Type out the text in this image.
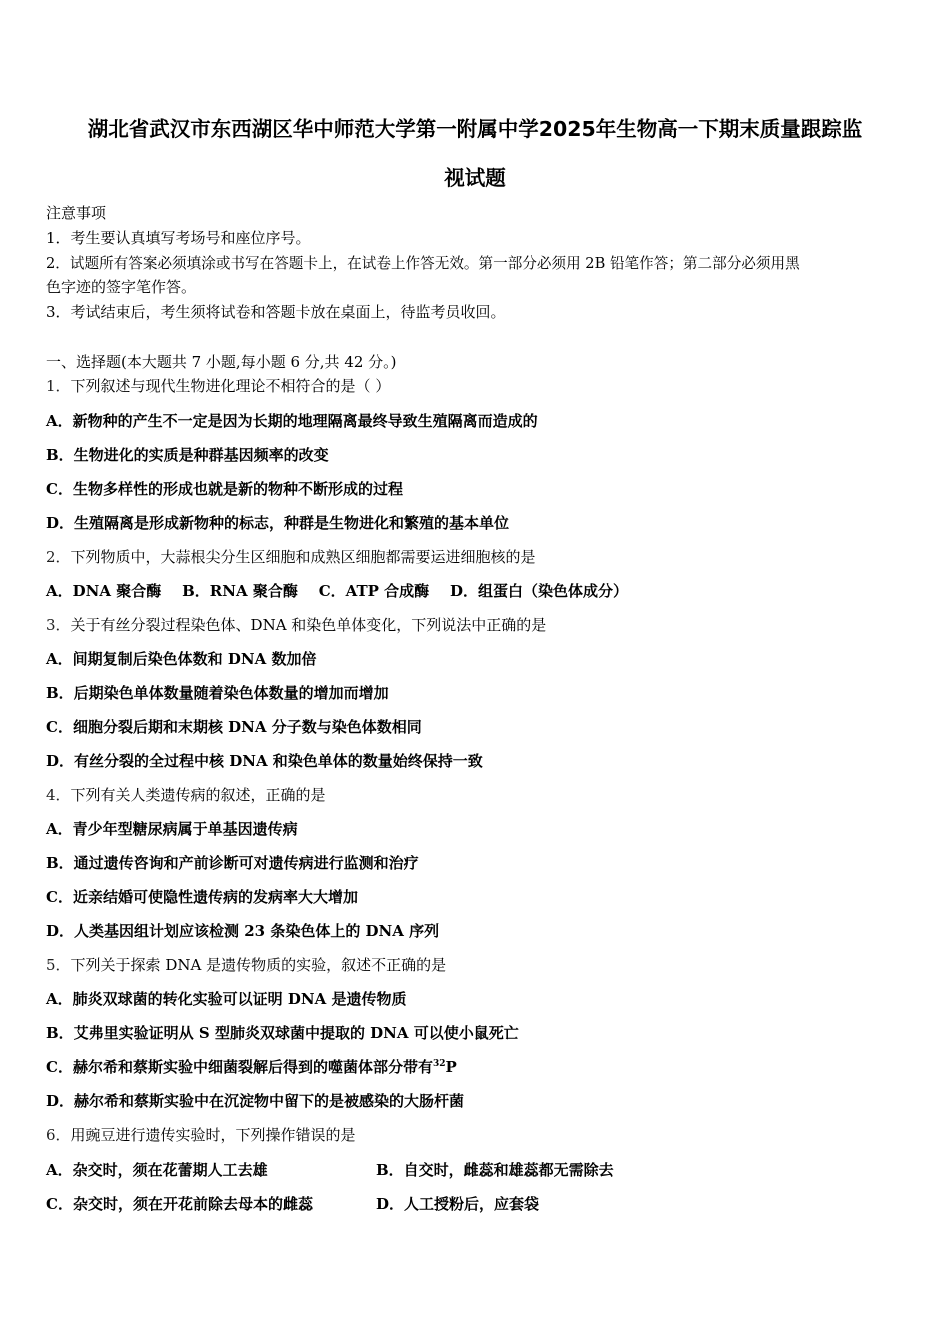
湖北省武汉市东西湖区华中师范大学第一附属中学2025年生物高一下期末质量跟踪监
视试题
注意事项
1．考生要认真填写考场号和座位序号。
2．试题所有答案必须填涂或书写在答题卡上，在试卷上作答无效。第一部分必须用 2B 铅笔作答；第二部分必须用黑
色字迹的签字笔作答。
3．考试结束后，考生须将试卷和答题卡放在桌面上，待监考员收回。
一、选择题(本大题共 7 小题,每小题 6 分,共 42 分。)
1．下列叙述与现代生物进化理论不相符合的是（ ）
A．新物种的产生不一定是因为长期的地理隔离最终导致生殖隔离而造成的
B．生物进化的实质是种群基因频率的改变
C．生物多样性的形成也就是新的物种不断形成的过程
D．生殖隔离是形成新物种的标志，种群是生物进化和繁殖的基本单位
2．下列物质中，大蒜根尖分生区细胞和成熟区细胞都需要运进细胞核的是
A．DNA 聚合酶    B．RNA 聚合酶    C．ATP 合成酶    D．组蛋白（染色体成分）
3．关于有丝分裂过程染色体、DNA 和染色单体变化，下列说法中正确的是
A．间期复制后染色体数和 DNA 数加倍
B．后期染色单体数量随着染色体数量的增加而增加
C．细胞分裂后期和末期核 DNA 分子数与染色体数相同
D．有丝分裂的全过程中核 DNA 和染色单体的数量始终保持一致
4．下列有关人类遗传病的叙述，正确的是
A．青少年型糖尿病属于单基因遗传病
B．通过遗传咨询和产前诊断可对遗传病进行监测和治疗
C．近亲结婚可使隐性遗传病的发病率大大增加
D．人类基因组计划应该检测 23 条染色体上的 DNA 序列
5．下列关于探索 DNA 是遗传物质的实验，叙述不正确的是
A．肺炎双球菌的转化实验可以证明 DNA 是遗传物质
B．艾弗里实验证明从 S 型肺炎双球菌中提取的 DNA 可以使小鼠死亡
C．赫尔希和蔡斯实验中细菌裂解后得到的噬菌体部分带有$^{32}$P
D．赫尔希和蔡斯实验中在沉淀物中留下的是被感染的大肠杆菌
6．用豌豆进行遗传实验时，下列操作错误的是
A．杂交时，须在花蕾期人工去雄	B．自交时，雌蕊和雄蕊都无需除去
C．杂交时，须在开花前除去母本的雌蕊	D．人工授粉后，应套袋
